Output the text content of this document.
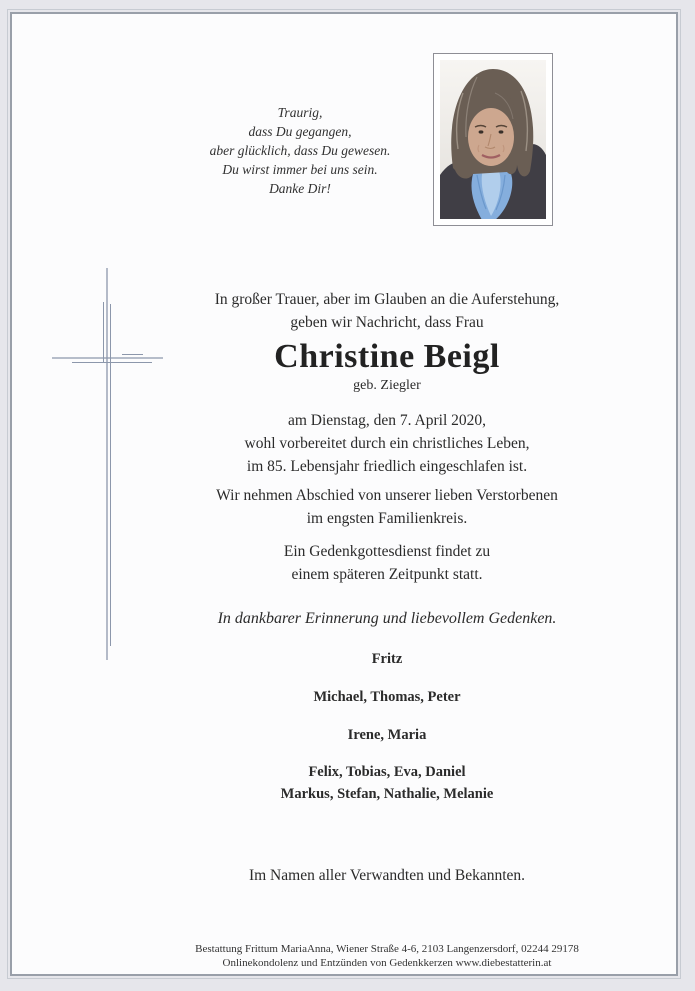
Traurig,
dass Du gegangen,
aber glücklich, dass Du gewesen.
Du wirst immer bei uns sein.
Danke Dir!
In großer Trauer, aber im Glauben an die Auferstehung,
geben wir Nachricht, dass Frau
Christine Beigl
geb. Ziegler
am Dienstag, den 7. April 2020,
wohl vorbereitet durch ein christliches Leben,
im 85. Lebensjahr friedlich eingeschlafen ist.
Wir nehmen Abschied von unserer lieben Verstorbenen
im engsten Familienkreis.
Ein Gedenkgottesdienst findet zu
einem späteren Zeitpunkt statt.
In dankbarer Erinnerung und liebevollem Gedenken.
Fritz
Michael, Thomas, Peter
Irene, Maria
Felix, Tobias, Eva, Daniel
Markus, Stefan, Nathalie, Melanie
Im Namen aller Verwandten und Bekannten.
Bestattung Frittum MariaAnna, Wiener Straße 4-6, 2103 Langenzersdorf, 02244 29178
Onlinekondolenz und Entzünden von Gedenkkerzen www.diebestatterin.at
